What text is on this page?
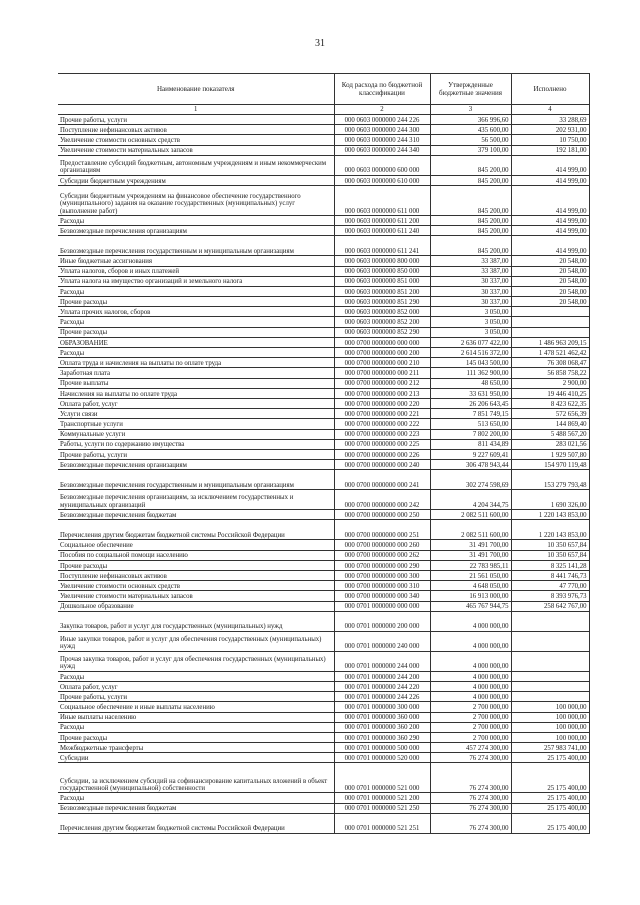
31
Наименование показателя	Код расхода по бюджетной классификации	Утвержденные бюджетные значения	Исполнено
1	2	3	4
Прочие работы, услуги	000 0603 0000000 244 226	366 996,60	33 288,69
Поступление нефинансовых активов	000 0603 0000000 244 300	435 600,00	202 931,00
Увеличение стоимости основных средств	000 0603 0000000 244 310	56 500,00	10 750,00
Увеличение стоимости материальных запасов	000 0603 0000000 244 340	379 100,00	192 181,00
Предоставление субсидий бюджетным, автономным учреждениям и иным некоммерческим организациям	000 0603 0000000 600 000	845 200,00	414 999,00
Субсидии бюджетным учреждениям	000 0603 0000000 610 000	845 200,00	414 999,00
Субсидии бюджетным учреждениям на финансовое обеспечение государственного (муниципального) задания на оказание государственных (муниципальных) услуг (выполнение работ)	000 0603 0000000 611 000	845 200,00	414 999,00
Расходы	000 0603 0000000 611 200	845 200,00	414 999,00
Безвозмездные перечисления организациям	000 0603 0000000 611 240	845 200,00	414 999,00
Безвозмездные перечисления государственным и муниципальным организациям	000 0603 0000000 611 241	845 200,00	414 999,00
Иные бюджетные ассигнования	000 0603 0000000 800 000	33 387,00	20 548,00
Уплата налогов, сборов и иных платежей	000 0603 0000000 850 000	33 387,00	20 548,00
Уплата налога на имущество организаций и земельного налога	000 0603 0000000 851 000	30 337,00	20 548,00
Расходы	000 0603 0000000 851 200	30 337,00	20 548,00
Прочие расходы	000 0603 0000000 851 290	30 337,00	20 548,00
Уплата прочих налогов, сборов	000 0603 0000000 852 000	3 050,00	
Расходы	000 0603 0000000 852 200	3 050,00	
Прочие расходы	000 0603 0000000 852 290	3 050,00	
ОБРАЗОВАНИЕ	000 0700 0000000 000 000	2 636 077 422,00	1 486 963 209,15
Расходы	000 0700 0000000 000 200	2 614 516 372,00	1 478 521 462,42
Оплата труда и начисления на выплаты по оплате труда	000 0700 0000000 000 210	145 043 500,00	76 308 068,47
Заработная плата	000 0700 0000000 000 211	111 362 900,00	56 858 758,22
Прочие выплаты	000 0700 0000000 000 212	48 650,00	2 900,00
Начисления на выплаты по оплате труда	000 0700 0000000 000 213	33 631 950,00	19 446 410,25
Оплата работ, услуг	000 0700 0000000 000 220	26 206 643,45	8 423 622,35
Услуги связи	000 0700 0000000 000 221	7 851 749,15	572 656,39
Транспортные услуги	000 0700 0000000 000 222	513 650,00	144 869,40
Коммунальные услуги	000 0700 0000000 000 223	7 802 200,00	5 488 567,20
Работы, услуги по содержанию имущества	000 0700 0000000 000 225	811 434,89	283 021,56
Прочие работы, услуги	000 0700 0000000 000 226	9 227 609,41	1 929 507,80
Безвозмездные перечисления организациям	000 0700 0000000 000 240	306 478 943,44	154 970 119,48
Безвозмездные перечисления государственным и муниципальным организациям	000 0700 0000000 000 241	302 274 598,69	153 279 793,48
Безвозмездные перечисления организациям, за исключением государственных и муниципальных организаций	000 0700 0000000 000 242	4 204 344,75	1 690 326,00
Безвозмездные перечисления бюджетам	000 0700 0000000 000 250	2 082 511 600,00	1 220 143 853,00
Перечисления другим бюджетам бюджетной системы Российской Федерации	000 0700 0000000 000 251	2 082 511 600,00	1 220 143 853,00
Социальное обеспечение	000 0700 0000000 000 260	31 491 700,00	10 350 657,84
Пособия по социальной помощи населению	000 0700 0000000 000 262	31 491 700,00	10 350 657,84
Прочие расходы	000 0700 0000000 000 290	22 783 985,11	8 325 141,28
Поступление нефинансовых активов	000 0700 0000000 000 300	21 561 050,00	8 441 746,73
Увеличение стоимости основных средств	000 0700 0000000 000 310	4 648 050,00	47 770,00
Увеличение стоимости материальных запасов	000 0700 0000000 000 340	16 913 000,00	8 393 976,73
Дошкольное образование	000 0701 0000000 000 000	465 767 944,75	258 642 767,00
Закупка товаров, работ и услуг для государственных (муниципальных) нужд	000 0701 0000000 200 000	4 000 000,00	
Иные закупки товаров, работ и услуг для обеспечения государственных (муниципальных) нужд	000 0701 0000000 240 000	4 000 000,00	
Прочая закупка товаров, работ и услуг для обеспечения государственных (муниципальных) нужд	000 0701 0000000 244 000	4 000 000,00	
Расходы	000 0701 0000000 244 200	4 000 000,00	
Оплата работ, услуг	000 0701 0000000 244 220	4 000 000,00	
Прочие работы, услуги	000 0701 0000000 244 226	4 000 000,00	
Социальное обеспечение и иные выплаты населению	000 0701 0000000 300 000	2 700 000,00	100 000,00
Иные выплаты населению	000 0701 0000000 360 000	2 700 000,00	100 000,00
Расходы	000 0701 0000000 360 200	2 700 000,00	100 000,00
Прочие расходы	000 0701 0000000 360 290	2 700 000,00	100 000,00
Межбюджетные трансферты	000 0701 0000000 500 000	457 274 300,00	257 983 741,00
Субсидии	000 0701 0000000 520 000	76 274 300,00	25 175 400,00
Субсидии, за исключением субсидий на софинансирование капитальных вложений в объект государственной (муниципальной) собственности	000 0701 0000000 521 000	76 274 300,00	25 175 400,00
Расходы	000 0701 0000000 521 200	76 274 300,00	25 175 400,00
Безвозмездные перечисления бюджетам	000 0701 0000000 521 250	76 274 300,00	25 175 400,00
Перечисления другим бюджетам бюджетной системы Российской Федерации	000 0701 0000000 521 251	76 274 300,00	25 175 400,00
